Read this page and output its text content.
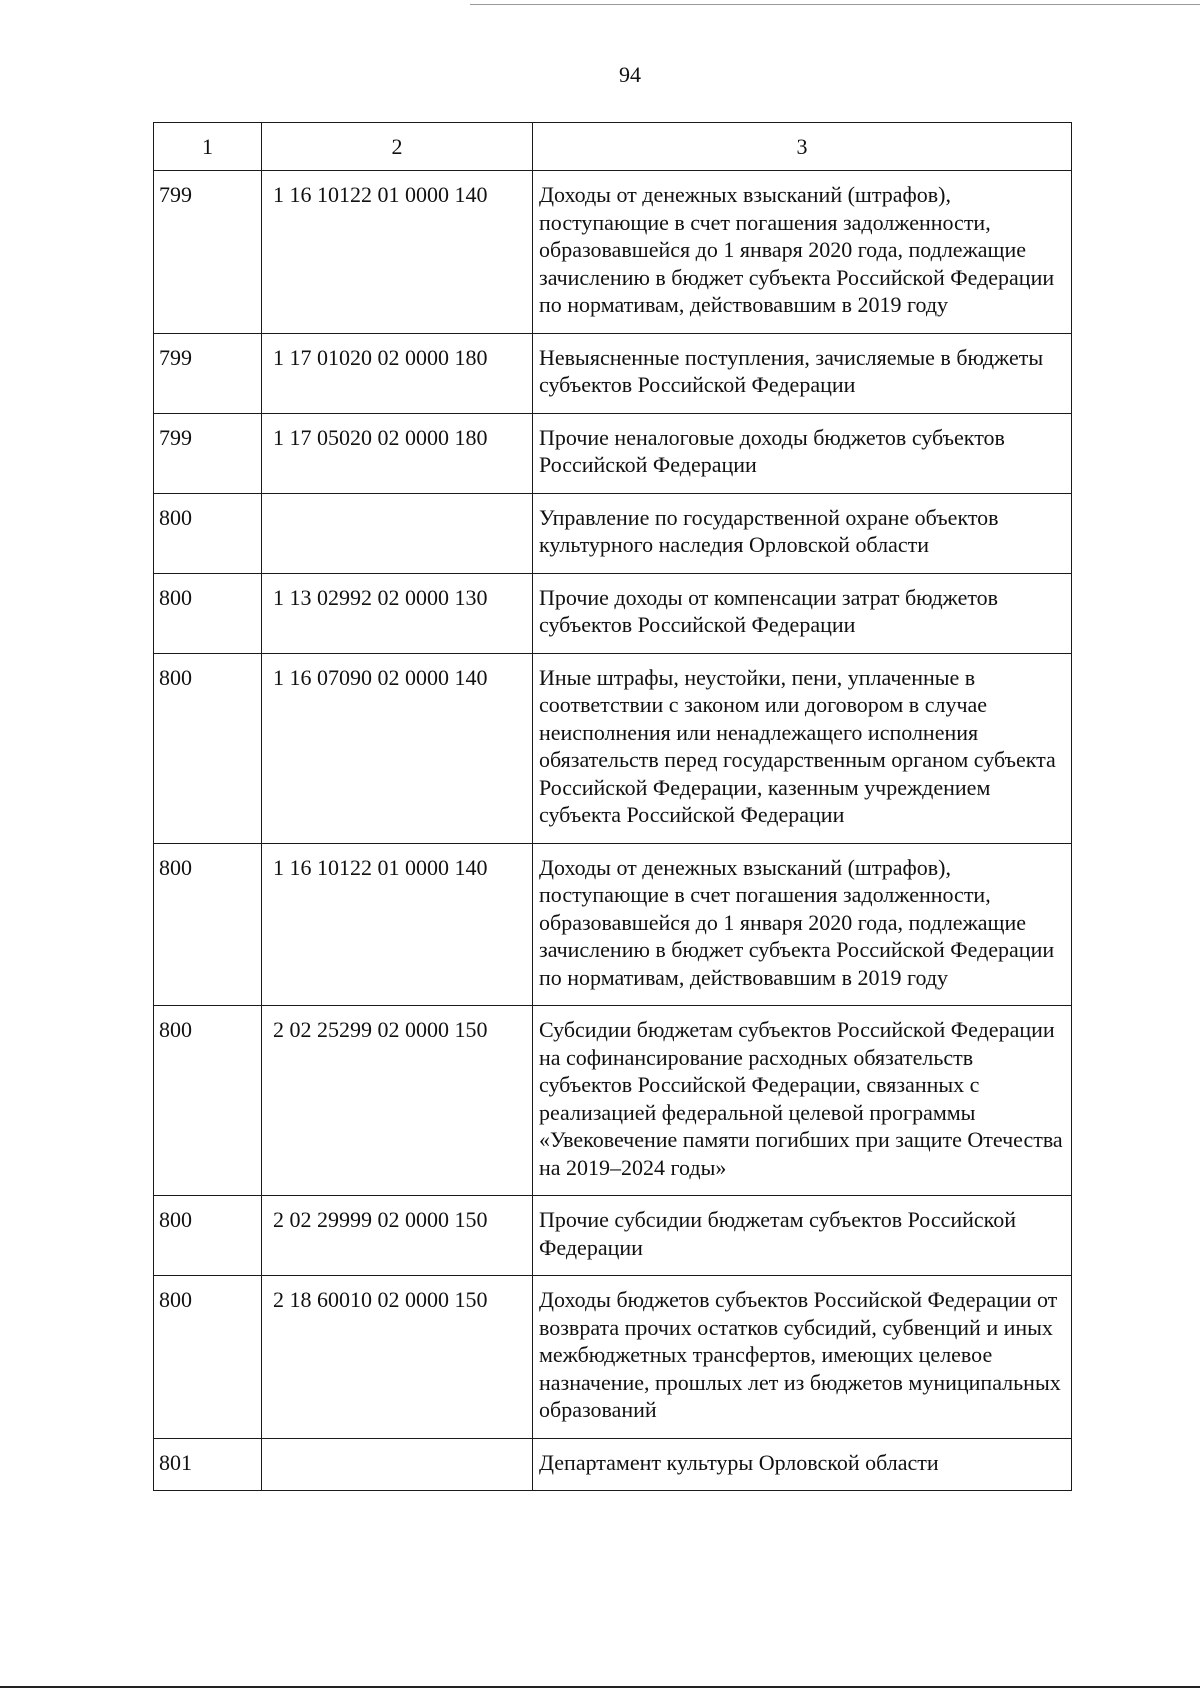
94
1	2	3
799	1 16 10122 01 0000 140	Доходы от денежных взысканий (штрафов), поступающие в счет погашения задолженности, образовавшейся до 1 января 2020 года, подлежащие зачислению в бюджет субъекта Российской Федерации по нормативам, действовавшим в 2019 году
799	1 17 01020 02 0000 180	Невыясненные поступления, зачисляемые в бюджеты субъектов Российской Федерации
799	1 17 05020 02 0000 180	Прочие неналоговые доходы бюджетов субъектов Российской Федерации
800		Управление по государственной охране объектов культурного наследия Орловской области
800	1 13 02992 02 0000 130	Прочие доходы от компенсации затрат бюджетов субъектов Российской Федерации
800	1 16 07090 02 0000 140	Иные штрафы, неустойки, пени, уплаченные в соответствии с законом или договором в случае неисполнения или ненадлежащего исполнения обязательств перед государственным органом субъекта Российской Федерации, казенным учреждением субъекта Российской Федерации
800	1 16 10122 01 0000 140	Доходы от денежных взысканий (штрафов), поступающие в счет погашения задолженности, образовавшейся до 1 января 2020 года, подлежащие зачислению в бюджет субъекта Российской Федерации по нормативам, действовавшим в 2019 году
800	2 02 25299 02 0000 150	Субсидии бюджетам субъектов Российской Федерации на софинансирование расходных обязательств субъектов Российской Федерации, связанных с реализацией федеральной целевой программы «Увековечение памяти погибших при защите Отечества на 2019–2024 годы»
800	2 02 29999 02 0000 150	Прочие субсидии бюджетам субъектов Российской Федерации
800	2 18 60010 02 0000 150	Доходы бюджетов субъектов Российской Федерации от возврата прочих остатков субсидий, субвенций и иных межбюджетных трансфертов, имеющих целевое назначение, прошлых лет из бюджетов муниципальных образований
801		Департамент культуры Орловской области
